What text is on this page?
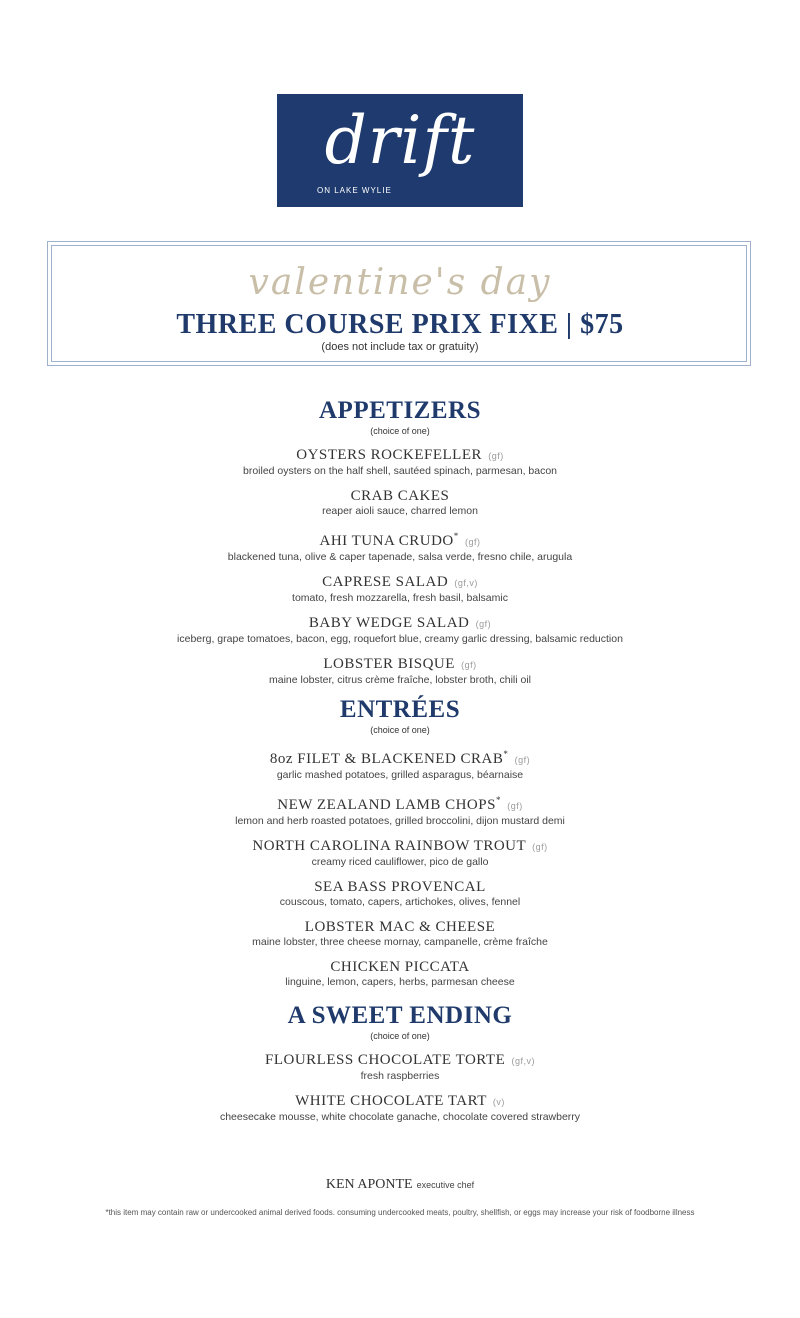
drift
ON LAKE WYLIE
valentine's day
THREE COURSE PRIX FIXE | $75
(does not include tax or gratuity)
APPETIZERS
(choice of one)
OYSTERS ROCKEFELLER (gf)
broiled oysters on the half shell, sautéed spinach, parmesan, bacon
CRAB CAKES
reaper aioli sauce, charred lemon
AHI TUNA CRUDO* (gf)
blackened tuna, olive & caper tapenade, salsa verde, fresno chile, arugula
CAPRESE SALAD (gf,v)
tomato, fresh mozzarella, fresh basil, balsamic
BABY WEDGE SALAD (gf)
iceberg, grape tomatoes, bacon, egg, roquefort blue, creamy garlic dressing, balsamic reduction
LOBSTER BISQUE (gf)
maine lobster, citrus crème fraîche, lobster broth, chili oil
ENTRÉES
(choice of one)
8oz FILET & BLACKENED CRAB* (gf)
garlic mashed potatoes, grilled asparagus, béarnaise
NEW ZEALAND LAMB CHOPS* (gf)
lemon and herb roasted potatoes, grilled broccolini, dijon mustard demi
NORTH CAROLINA RAINBOW TROUT (gf)
creamy riced cauliflower, pico de gallo
SEA BASS PROVENCAL
couscous, tomato, capers, artichokes, olives, fennel
LOBSTER MAC & CHEESE
maine lobster, three cheese mornay, campanelle, crème fraîche
CHICKEN PICCATA
linguine, lemon, capers, herbs, parmesan cheese
A SWEET ENDING
(choice of one)
FLOURLESS CHOCOLATE TORTE (gf,v)
fresh raspberries
WHITE CHOCOLATE TART (v)
cheesecake mousse, white chocolate ganache, chocolate covered strawberry
KEN APONTE executive chef
*this item may contain raw or undercooked animal derived foods. consuming undercooked meats, poultry, shellfish, or eggs may increase your risk of foodborne illness
